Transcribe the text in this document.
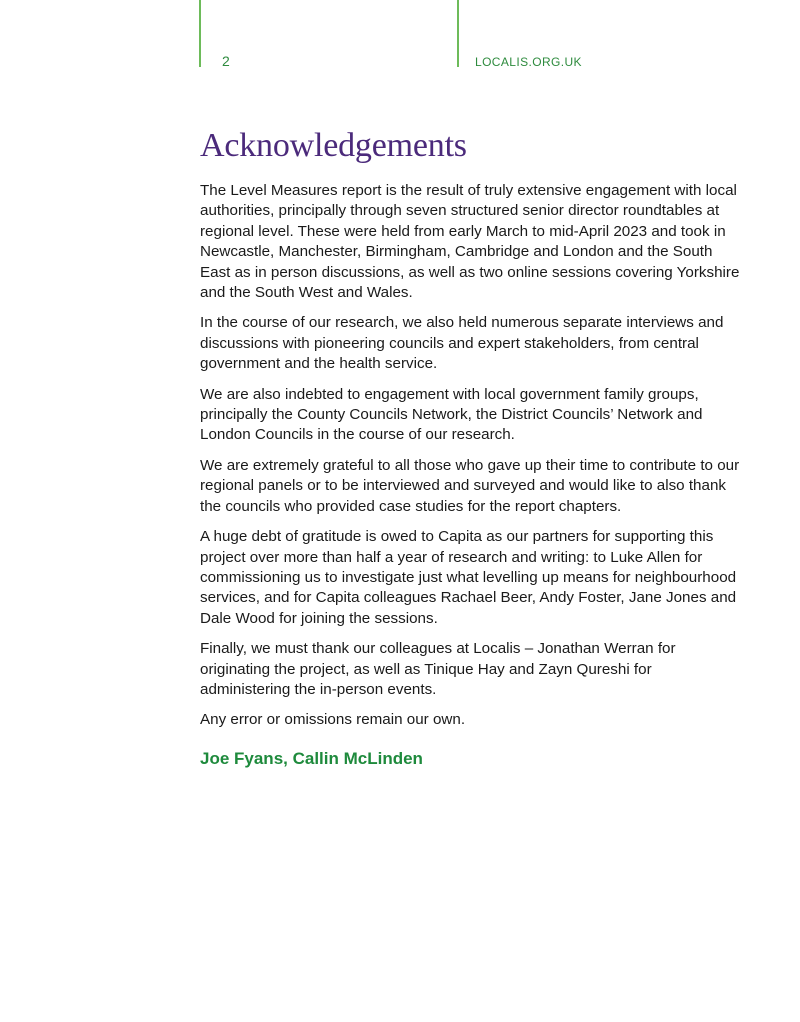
2	LOCALIS.ORG.UK
Acknowledgements

The Level Measures report is the result of truly extensive engagement with local authorities, principally through seven structured senior director roundtables at regional level. These were held from early March to mid-April 2023 and took in Newcastle, Manchester, Birmingham, Cambridge and London and the South East as in person discussions, as well as two online sessions covering Yorkshire and the South West and Wales.

In the course of our research, we also held numerous separate interviews and discussions with pioneering councils and expert stakeholders, from central government and the health service.

We are also indebted to engagement with local government family groups, principally the County Councils Network, the District Councils’ Network and London Councils in the course of our research.

We are extremely grateful to all those who gave up their time to contribute to our regional panels or to be interviewed and surveyed and would like to also thank the councils who provided case studies for the report chapters.

A huge debt of gratitude is owed to Capita as our partners for supporting this project over more than half a year of research and writing: to Luke Allen for commissioning us to investigate just what levelling up means for neighbourhood services, and for Capita colleagues Rachael Beer, Andy Foster, Jane Jones and Dale Wood for joining the sessions.

Finally, we must thank our colleagues at Localis – Jonathan Werran for originating the project, as well as Tinique Hay and Zayn Qureshi for administering the in-person events.

Any error or omissions remain our own.

Joe Fyans, Callin McLinden
